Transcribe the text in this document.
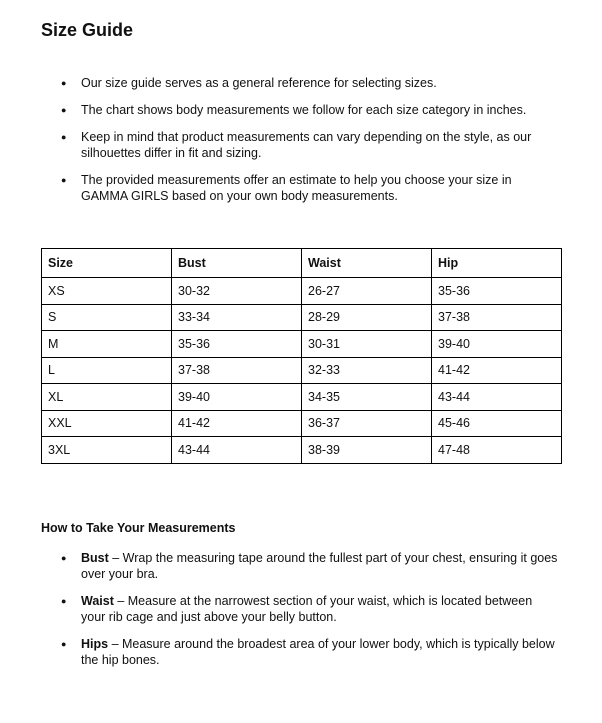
Size Guide
● Our size guide serves as a general reference for selecting sizes.
● The chart shows body measurements we follow for each size category in inches.
● Keep in mind that product measurements can vary depending on the style, as our silhouettes differ in fit and sizing.
● The provided measurements offer an estimate to help you choose your size in GAMMA GIRLS based on your own body measurements.
Size	Bust	Waist	Hip
XS	30-32	26-27	35-36
S	33-34	28-29	37-38
M	35-36	30-31	39-40
L	37-38	32-33	41-42
XL	39-40	34-35	43-44
XXL	41-42	36-37	45-46
3XL	43-44	38-39	47-48
How to Take Your Measurements
● Bust – Wrap the measuring tape around the fullest part of your chest, ensuring it goes over your bra.
● Waist – Measure at the narrowest section of your waist, which is located between your rib cage and just above your belly button.
● Hips – Measure around the broadest area of your lower body, which is typically below the hip bones.
